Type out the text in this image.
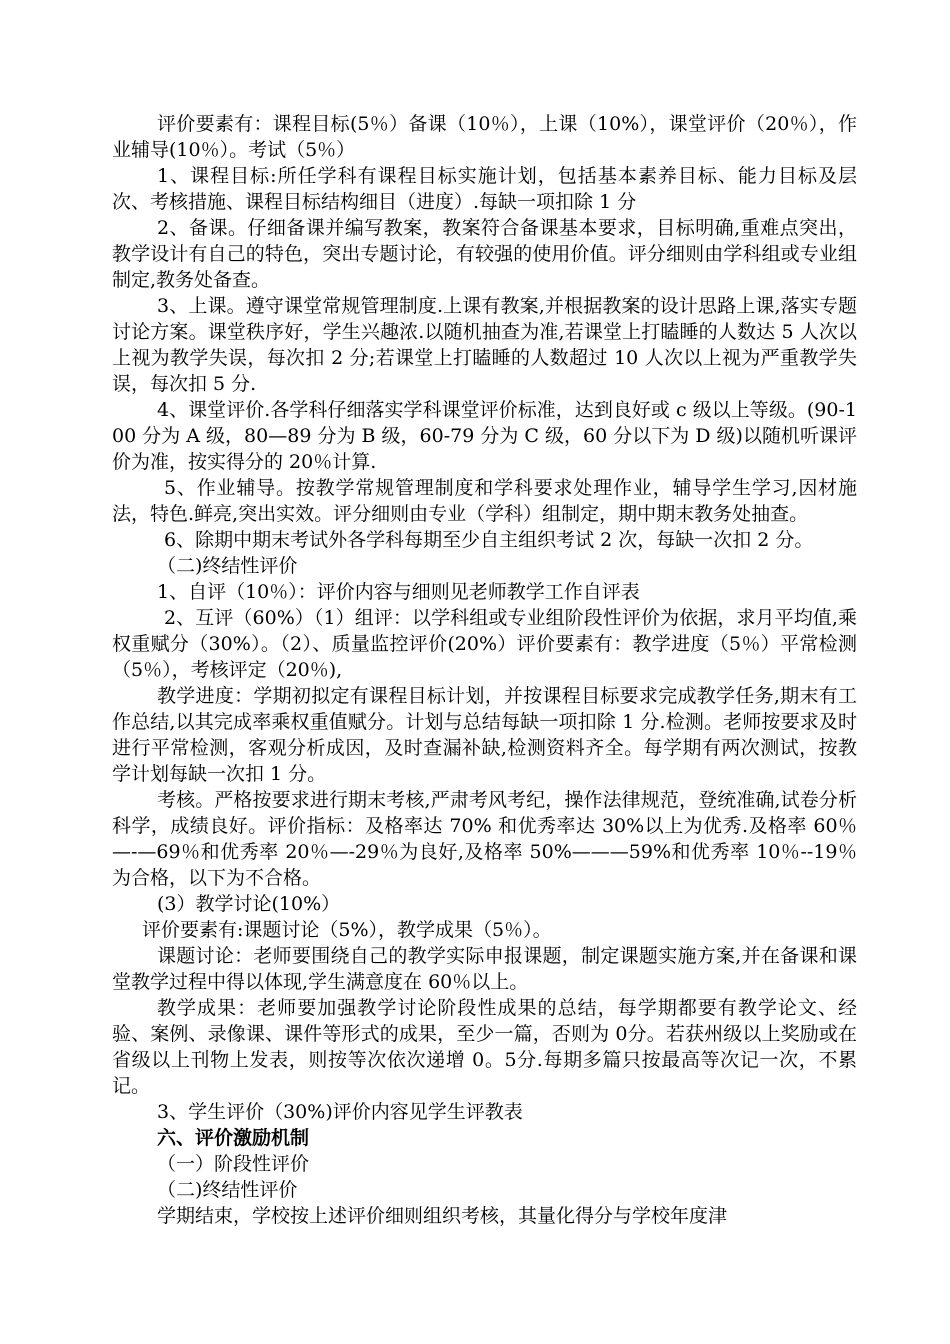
评价要素有：课程目标(5％）备课（10％），上课（10%），课堂评价（20％），作业辅导(10％）。考试（5％）

1、课程目标:所任学科有课程目标实施计划，包括基本素养目标、能力目标及层次、考核措施、课程目标结构细目（进度）.每缺一项扣除 1 分

2、备课。仔细备课并编写教案，教案符合备课基本要求，目标明确,重难点突出，教学设计有自己的特色，突出专题讨论，有较强的使用价值。评分细则由学科组或专业组制定,教务处备查。

3、上课。遵守课堂常规管理制度.上课有教案,并根据教案的设计思路上课,落实专题讨论方案。课堂秩序好，学生兴趣浓.以随机抽查为准,若课堂上打瞌睡的人数达 5 人次以上视为教学失误，每次扣 2 分;若课堂上打瞌睡的人数超过 10 人次以上视为严重教学失误，每次扣 5 分.

4、课堂评价.各学科仔细落实学科课堂评价标准，达到良好或 c 级以上等级。(90-100 分为 A 级，80—89 分为 B 级，60-79 分为 C 级，60 分以下为 D 级)以随机听课评价为准，按实得分的 20％计算.

5、作业辅导。按教学常规管理制度和学科要求处理作业，辅导学生学习,因材施法，特色.鲜亮,突出实效。评分细则由专业（学科）组制定，期中期末教务处抽查。

6、除期中期末考试外各学科每期至少自主组织考试 2 次，每缺一次扣 2 分。

（二)终结性评价

1、自评（10％）：评价内容与细则见老师教学工作自评表

2、互评（60%）（1）组评：以学科组或专业组阶段性评价为依据，求月平均值,乘权重赋分（30%）。（2）、质量监控评价(20%）评价要素有：教学进度（5％）平常检测（5％），考核评定（20％),

教学进度：学期初拟定有课程目标计划，并按课程目标要求完成教学任务,期末有工作总结,以其完成率乘权重值赋分。计划与总结每缺一项扣除 1 分.检测。老师按要求及时进行平常检测，客观分析成因，及时查漏补缺,检测资料齐全。每学期有两次测试，按教学计划每缺一次扣 1 分。

考核。严格按要求进行期末考核,严肃考风考纪，操作法律规范，登统准确,试卷分析科学，成绩良好。评价指标：及格率达 70% 和优秀率达 30%以上为优秀.及格率 60％—-—69％和优秀率 20％—-29％为良好,及格率 50%———59%和优秀率 10％--19％为合格，以下为不合格。

(3）教学讨论(10%）

评价要素有:课题讨论（5%），教学成果（5％）。

课题讨论：老师要围绕自己的教学实际申报课题，制定课题实施方案,并在备课和课堂教学过程中得以体现,学生满意度在 60％以上。

教学成果：老师要加强教学讨论阶段性成果的总结，每学期都要有教学论文、经验、案例、录像课、课件等形式的成果，至少一篇，否则为 0分。若获州级以上奖励或在省级以上刊物上发表，则按等次依次递增 0。5分.每期多篇只按最高等次记一次，不累记。

3、学生评价（30%)评价内容见学生评教表

六、评价激励机制

（一）阶段性评价

（二)终结性评价

学期结束，学校按上述评价细则组织考核，其量化得分与学校年度津
